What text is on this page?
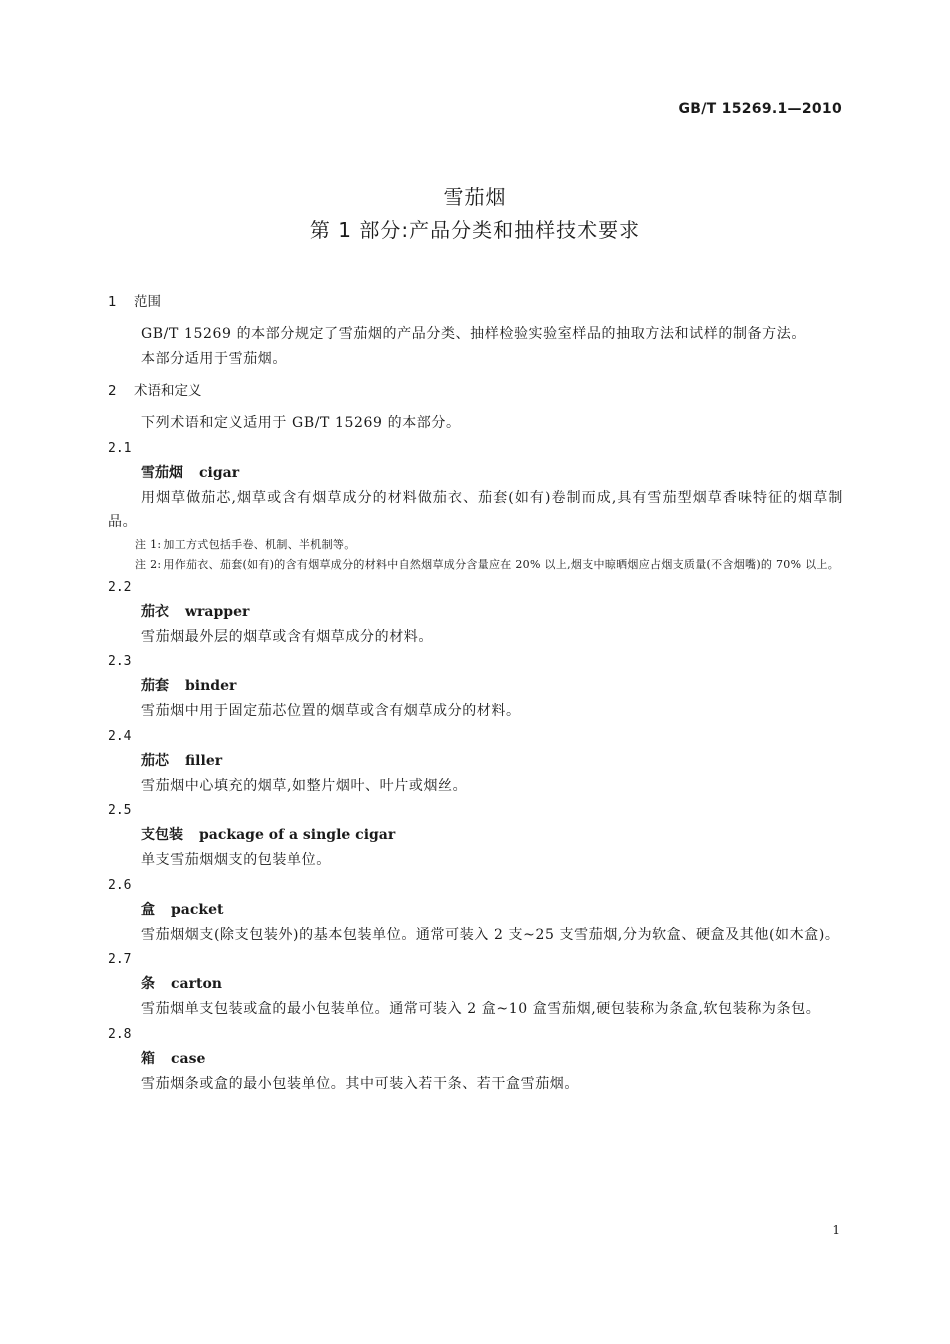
GB/T 15269.1—2010
雪茄烟
第 1 部分:产品分类和抽样技术要求
1 范围
GB/T 15269 的本部分规定了雪茄烟的产品分类、抽样检验实验室样品的抽取方法和试样的制备方法。
本部分适用于雪茄烟。
2 术语和定义
下列术语和定义适用于 GB/T 15269 的本部分。
2.1
雪茄烟 cigar
用烟草做茄芯,烟草或含有烟草成分的材料做茄衣、茄套(如有)卷制而成,具有雪茄型烟草香味特征的烟草制品。
注 1: 加工方式包括手卷、机制、半机制等。
注 2: 用作茄衣、茄套(如有)的含有烟草成分的材料中自然烟草成分含量应在 20% 以上,烟支中晾晒烟应占烟支质量(不含烟嘴)的 70% 以上。
2.2
茄衣 wrapper
雪茄烟最外层的烟草或含有烟草成分的材料。
2.3
茄套 binder
雪茄烟中用于固定茄芯位置的烟草或含有烟草成分的材料。
2.4
茄芯 filler
雪茄烟中心填充的烟草,如整片烟叶、叶片或烟丝。
2.5
支包装 package of a single cigar
单支雪茄烟烟支的包装单位。
2.6
盒 packet
雪茄烟烟支(除支包装外)的基本包装单位。通常可装入 2 支~25 支雪茄烟,分为软盒、硬盒及其他(如木盒)。
2.7
条 carton
雪茄烟单支包装或盒的最小包装单位。通常可装入 2 盒~10 盒雪茄烟,硬包装称为条盒,软包装称为条包。
2.8
箱 case
雪茄烟条或盒的最小包装单位。其中可装入若干条、若干盒雪茄烟。
1
